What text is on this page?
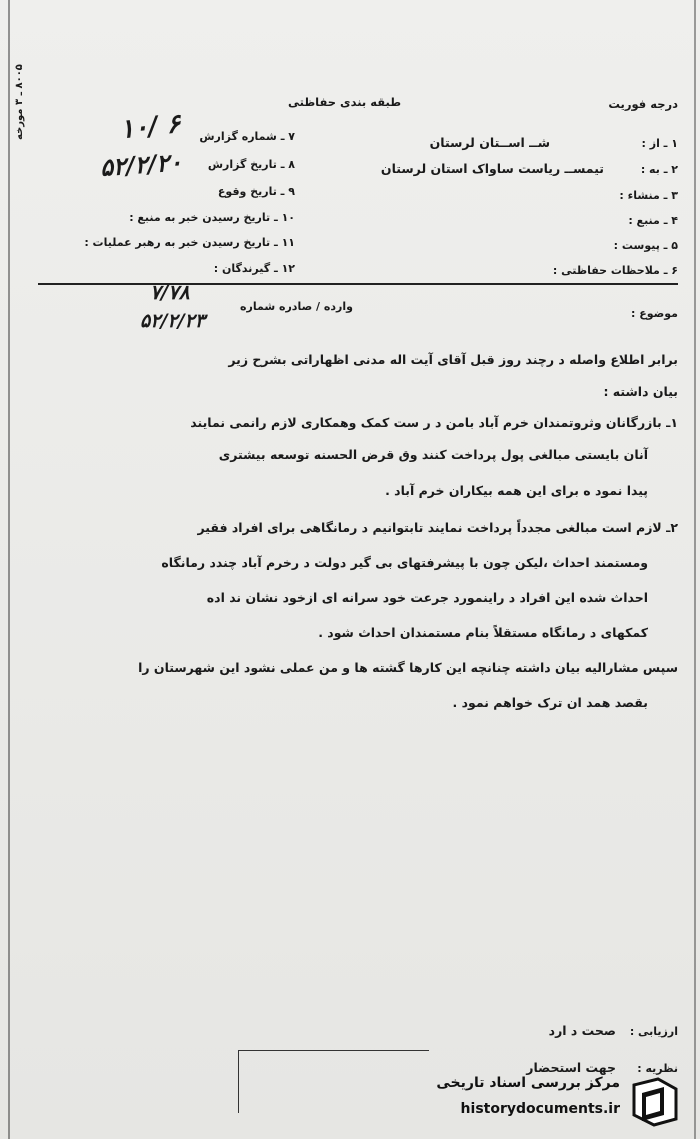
درجه فوریت
طبقه بندی حفاظتی
۱ ـ از :
شــ اســتان لرستان
۲ ـ به :
تیمســ ریاست ساواک استان لرستان
۳ ـ منشاء :
۴ ـ منبع :
۵ ـ پیوست :
۶ ـ ملاحظات حفاظتی :
۷ ـ شماره گزارش
۸ ـ تاریخ گزارش
۹ ـ تاریخ وقوع
۱۰ ـ تاریخ رسیدن خبر به منبع :
۱۱ ـ تاریخ رسیدن خبر به رهبر عملیات :
۱۲ ـ گیرندگان :
۱۰/ ۶
۵۲/۲/۲۰
۸۰۰۵ ـ ۳ مورخه
موضوع :
وارده / صادره شماره
۷/۷۸
۵۲/۲/۲۳
برابر اطلاع واصله د رچند روز قبل آقای آیت اله مدنی اظهاراتی بشرح زیر
بیان داشته :
۱ـ بازرگانان وثروتمندان خرم آباد بامن د ر ست کمک وهمکاری لازم رانمی نمایند
آنان بایستی مبالغی پول پرداخت کنند وق قرض الحسنه توسعه بیشتری
پیدا نمود ه برای این همه بیکاران خرم آباد .
۲ـ لازم است مبالغی مجدداً پرداخت نمایند تابتوانیم د رمانگاهی برای افراد فقیر
ومستمند احداث ،لیکن چون با پیشرفتهای بی گیر دولت د رخرم آباد چندد رمانگاه
احداث شده این افراد د راینمورد جرعت خود سرانه ای ازخود نشان ند اده
کمکهای د رمانگاه مستقلاً بنام مستمندان احداث شود .
سپس مشارالیه بیان داشته چنانچه این کارها گشته ها و من عملی نشود این شهرستان را
بقصد همد ان ترک خواهم نمود .
ارزیابی :
صحت د ارد
نظریه :
جهت استحضار
مرکز بررسی اسناد تاریخی
historydocuments.ir
